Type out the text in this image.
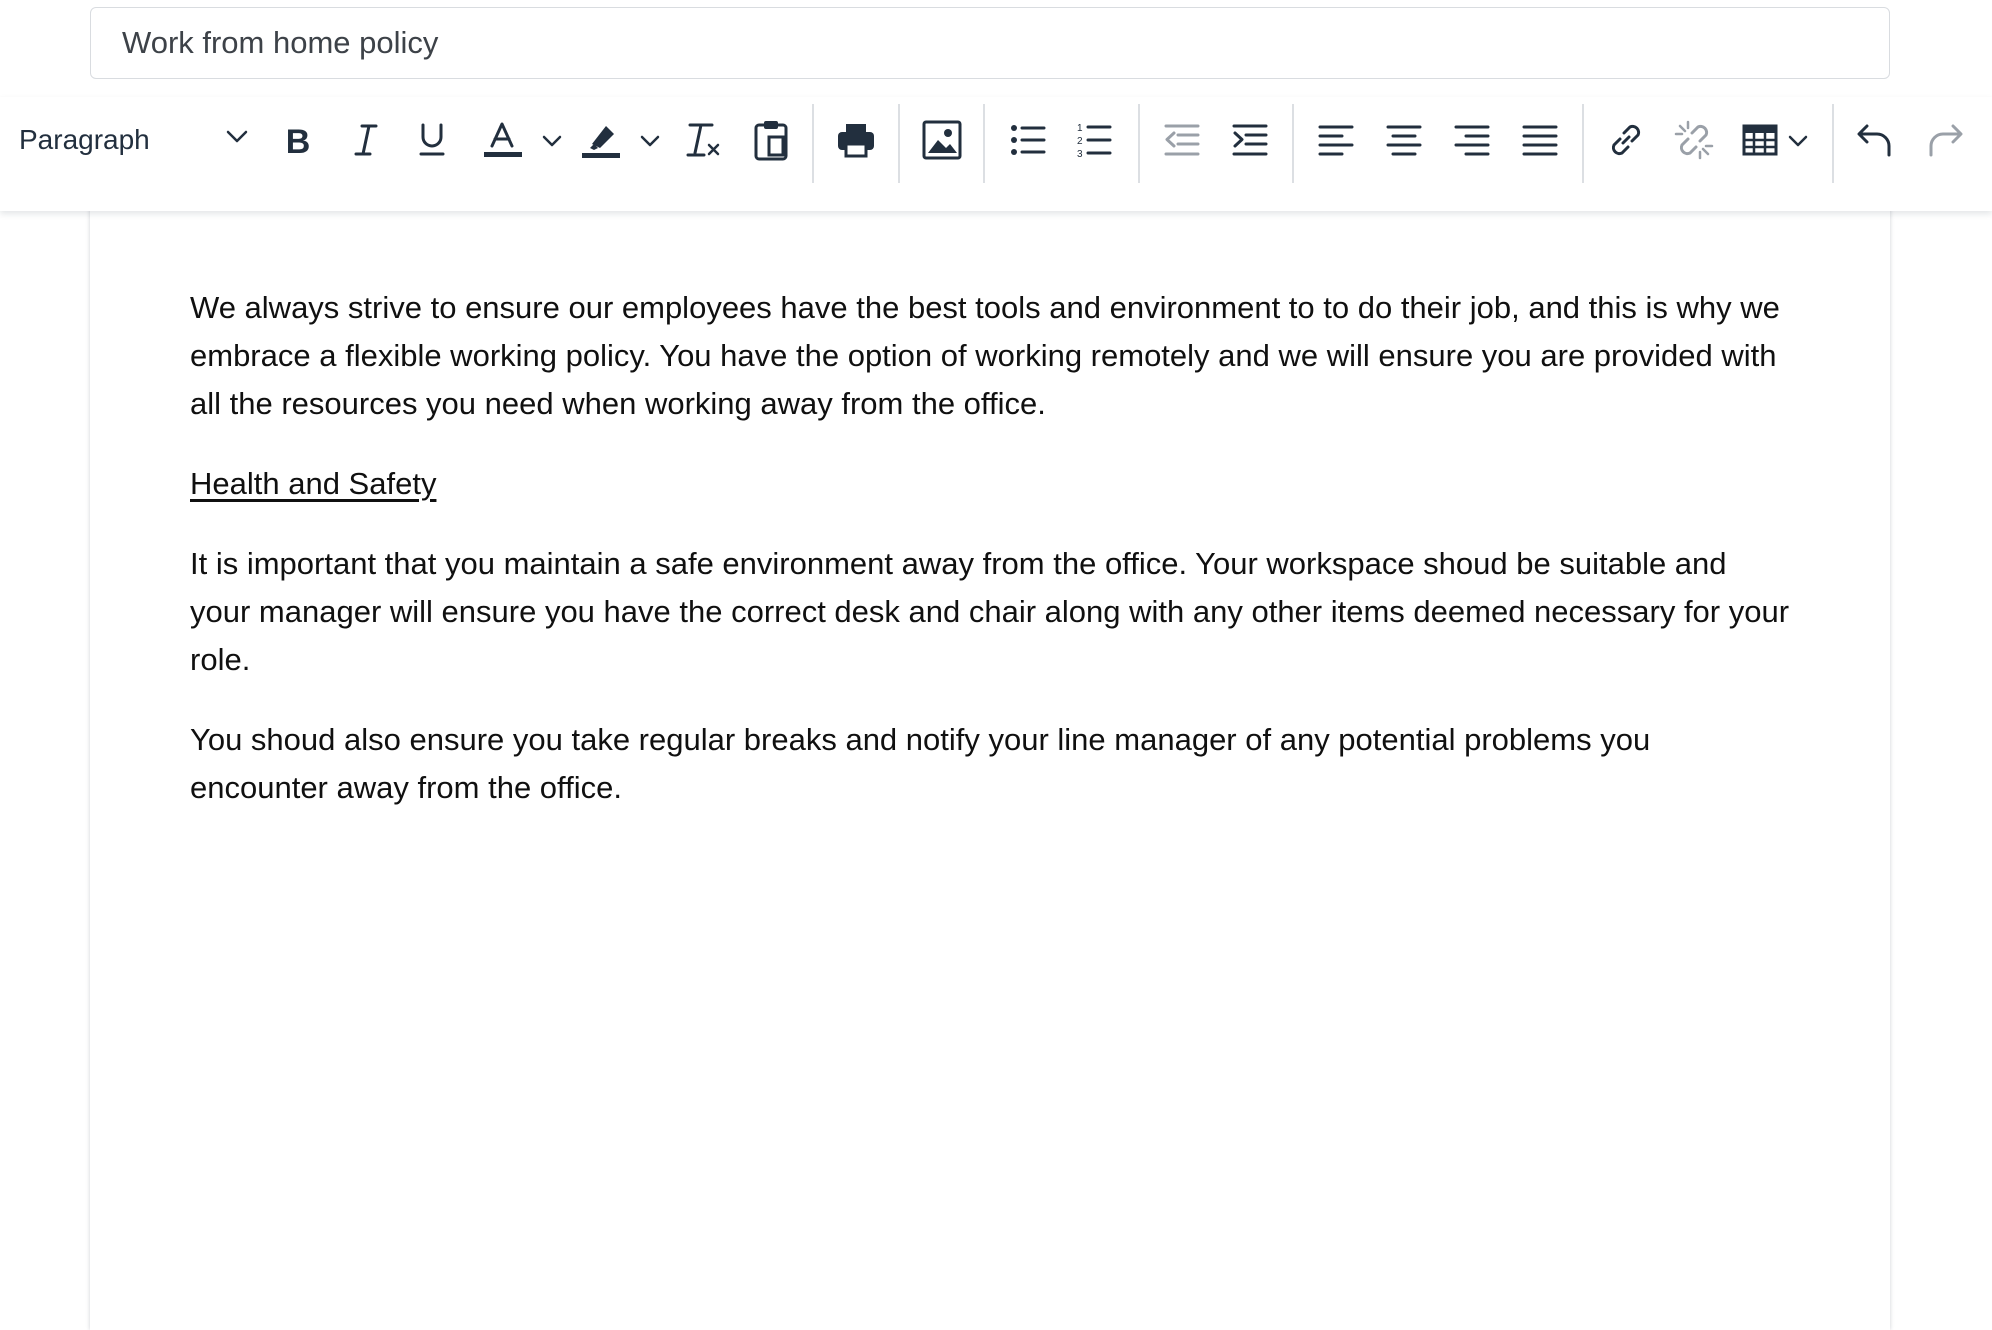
Work from home policy
Paragraph	B	1
2
3

We always strive to ensure our employees have the best tools and environment to to do their job, and this is why we embrace a flexible working policy. You have the option of working remotely and we will ensure you are provided with all the resources you need when working away from the office.

Health and Safety

It is important that you maintain a safe environment away from the office. Your workspace shoud be suitable and your manager will ensure you have the correct desk and chair along with any other items deemed necessary for your role.

You shoud also ensure you take regular breaks and notify your line manager of any potential problems you encounter away from the office.
